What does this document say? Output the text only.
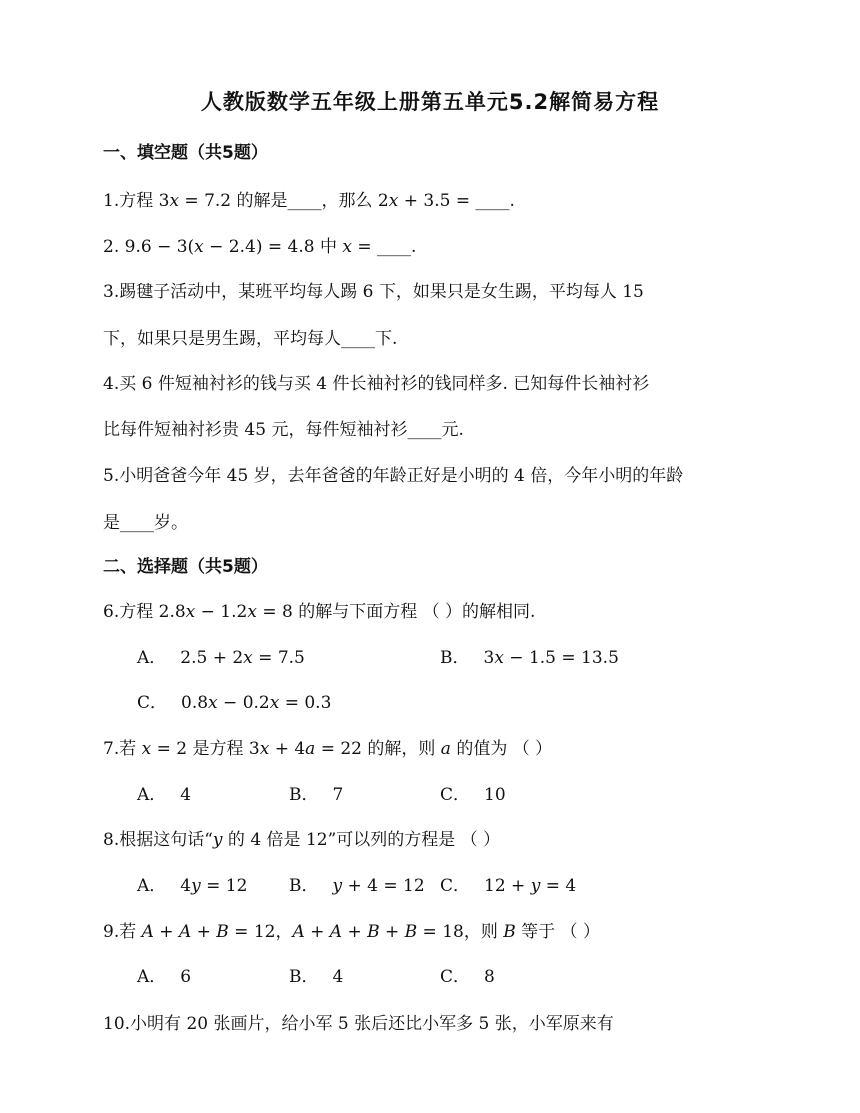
人教版数学五年级上册第五单元5.2解简易方程
一、填空题（共5题）
1.方程 3𝑥 = 7.2 的解是____，那么 2𝑥 + 3.5 = ____.
2. 9.6 − 3(𝑥 − 2.4) = 4.8 中 𝑥 = ____.
3.踢毽子活动中，某班平均每人踢 6 下，如果只是女生踢，平均每人 15
下，如果只是男生踢，平均每人____下.
4.买 6 件短袖衬衫的钱与买 4 件长袖衬衫的钱同样多. 已知每件长袖衬衫
比每件短袖衬衫贵 45 元，每件短袖衬衫____元.
5.小明爸爸今年 45 岁，去年爸爸的年龄正好是小明的 4 倍，今年小明的年龄
是____岁。
二、选择题（共5题）
6.方程 2.8𝑥 − 1.2𝑥 = 8 的解与下面方程 （ ）的解相同.
A． 2.5 + 2𝑥 = 7.5	B． 3𝑥 − 1.5 = 13.5
C． 0.8𝑥 − 0.2𝑥 = 0.3
7.若 𝑥 = 2 是方程 3𝑥 + 4𝑎 = 22 的解，则 𝑎 的值为 （ ）
A． 4	B． 7	C． 10
8.根据这句话“𝑦 的 4 倍是 12”可以列的方程是 （ ）
A． 4𝑦 = 12 B． 𝑦 + 4 = 12 C． 12 + 𝑦 = 4
9.若 𝐴 + 𝐴 + 𝐵 = 12，𝐴 + 𝐴 + 𝐵 + 𝐵 = 18，则 𝐵 等于 （ ）
A． 6	B． 4	C． 8
10.小明有 20 张画片，给小军 5 张后还比小军多 5 张，小军原来有
